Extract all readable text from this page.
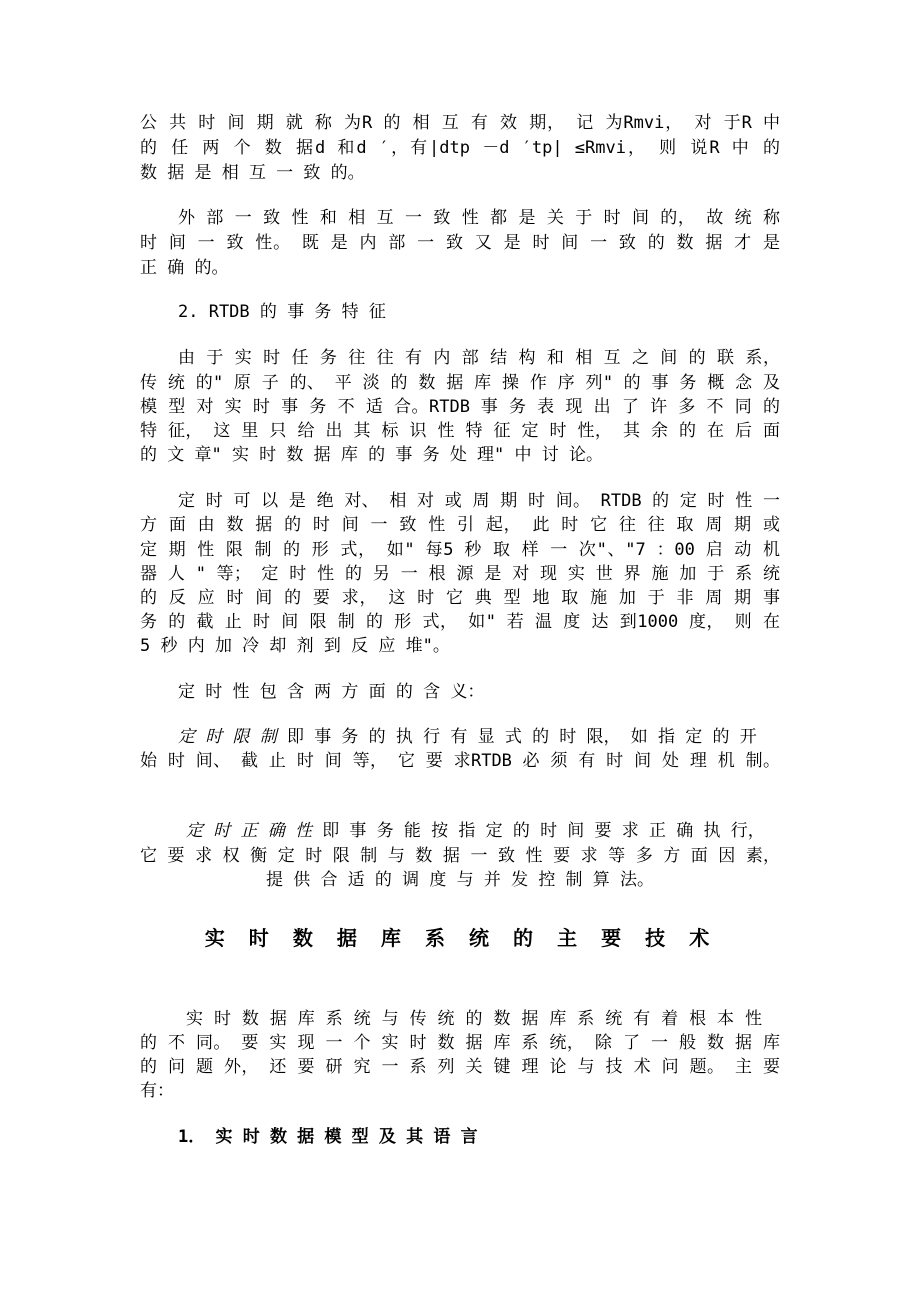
公 共 时 间 期 就 称 为R 的 相 互 有 效 期， 记 为Rmvi， 对 于R 中
的 任 两 个 数 据d 和d ′，有|dtp －d ′tp| ≤Rmvi， 则 说R 中 的
数 据 是 相 互 一 致 的。
外 部 一 致 性 和 相 互 一 致 性 都 是 关 于 时 间 的， 故 统 称
时 间 一 致 性。 既 是 内 部 一 致 又 是 时 间 一 致 的 数 据 才 是
正 确 的。
2. RTDB 的 事 务 特 征
由 于 实 时 任 务 往 往 有 内 部 结 构 和 相 互 之 间 的 联 系，
传 统 的" 原 子 的、 平 淡 的 数 据 库 操 作 序 列" 的 事 务 概 念 及
模 型 对 实 时 事 务 不 适 合。RTDB 事 务 表 现 出 了 许 多 不 同 的
特 征， 这 里 只 给 出 其 标 识 性 特 征 定 时 性， 其 余 的 在 后 面
的 文 章" 实 时 数 据 库 的 事 务 处 理" 中 讨 论。
定 时 可 以 是 绝 对、 相 对 或 周 期 时 间。 RTDB 的 定 时 性 一
方 面 由 数 据 的 时 间 一 致 性 引 起， 此 时 它 往 往 取 周 期 或
定 期 性 限 制 的 形 式， 如" 每5 秒 取 样 一 次"、"7 ：00 启 动 机
器 人 " 等； 定 时 性 的 另 一 根 源 是 对 现 实 世 界 施 加 于 系 统
的 反 应 时 间 的 要 求， 这 时 它 典 型 地 取 施 加 于 非 周 期 事
务 的 截 止 时 间 限 制 的 形 式， 如" 若 温 度 达 到1000 度， 则 在
5 秒 内 加 冷 却 剂 到 反 应 堆"。
定 时 性 包 含 两 方 面 的 含 义：
定 时 限 制 即 事 务 的 执 行 有 显 式 的 时 限， 如 指 定 的 开
始 时 间、 截 止 时 间 等， 它 要 求RTDB 必 须 有 时 间 处 理 机 制。
定 时 正 确 性 即 事 务 能 按 指 定 的 时 间 要 求 正 确 执 行，
它 要 求 权 衡 定 时 限 制 与 数 据 一 致 性 要 求 等 多 方 面 因 素，
提 供 合 适 的 调 度 与 并 发 控 制 算 法。
实 时 数 据 库 系 统 的 主 要 技 术
实 时 数 据 库 系 统 与 传 统 的 数 据 库 系 统 有 着 根 本 性
的 不 同。 要 实 现 一 个 实 时 数 据 库 系 统， 除 了 一 般 数 据 库
的 问 题 外， 还 要 研 究 一 系 列 关 键 理 论 与 技 术 问 题。 主 要
有：
1． 实 时 数 据 模 型 及 其 语 言
